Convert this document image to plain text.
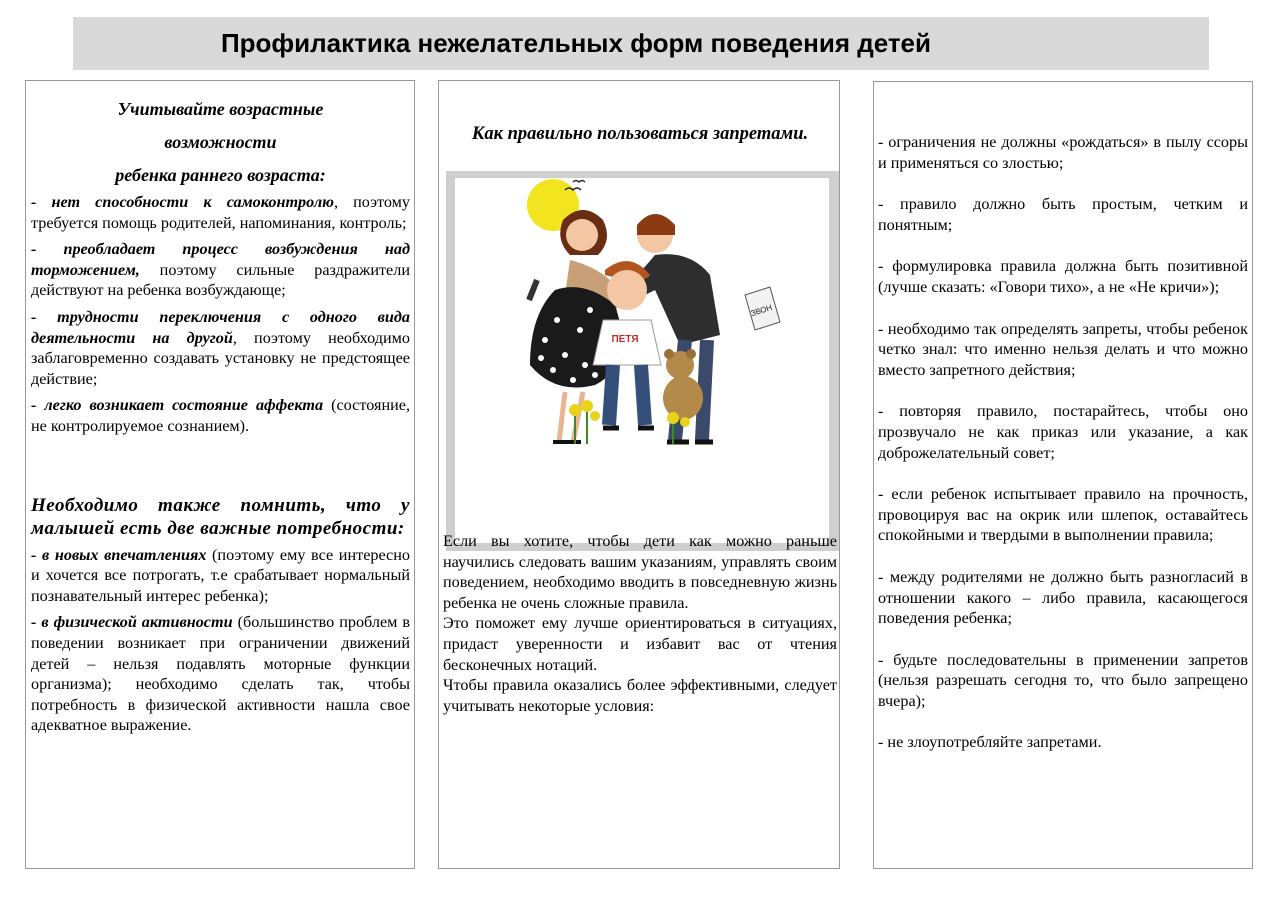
Профилактика нежелательных форм поведения детей
Учитывайте возрастные
возможности
ребенка раннего возраста:

- нет способности к самоконтролю, поэтому требуется помощь родителей, напоминания, контроль;

- преобладает процесс возбуждения над торможением, поэтому сильные раздражители действуют на ребенка возбуждающе;

- трудности переключения с одного вида деятельности на другой, поэтому необходимо заблаговременно создавать установку не предстоящее действие;

- легко возникает состояние аффекта (состояние, не контролируемое сознанием).

Необходимо также помнить, что у малышей есть две важные потребности:

- в новых впечатлениях (поэтому ему все интересно и хочется все потрогать, т.е срабатывает нормальный познавательный интерес ребенка);

- в физической активности (большинство проблем в поведении возникает при ограничении движений детей – нельзя подавлять моторные функции организма); необходимо сделать так, чтобы потребность в физической активности нашла свое адекватное выражение.

Как правильно пользоваться запретами.
ЗВОН
ПЕТЯ

Если вы хотите, чтобы дети как можно раньше научились следовать вашим указаниям, управлять своим поведением, необходимо вводить в повседневную жизнь ребенка не очень сложные правила.

Это поможет ему лучше ориентироваться в ситуациях, придаст уверенности и избавит вас от чтения бесконечных нотаций.

Чтобы правила оказались более эффективными, следует учитывать некоторые условия:

- ограничения не должны «рождаться» в пылу ссоры и применяться со злостью;

- правило должно быть простым, четким и понятным;

- формулировка правила должна быть позитивной (лучше сказать: «Говори тихо», а не «Не кричи»);

- необходимо так определять запреты, чтобы ребенок четко знал: что именно нельзя делать и что можно вместо запретного действия;

- повторяя правило, постарайтесь, чтобы оно прозвучало не как приказ или указание, а как доброжелательный совет;

- если ребенок испытывает правило на прочность, провоцируя вас на окрик или шлепок, оставайтесь спокойными и твердыми в выполнении правила;

- между родителями не должно быть разногласий в отношении какого – либо правила, касающегося поведения ребенка;

- будьте последовательны в применении запретов (нельзя разрешать сегодня то, что было запрещено вчера);

- не злоупотребляйте запретами.
